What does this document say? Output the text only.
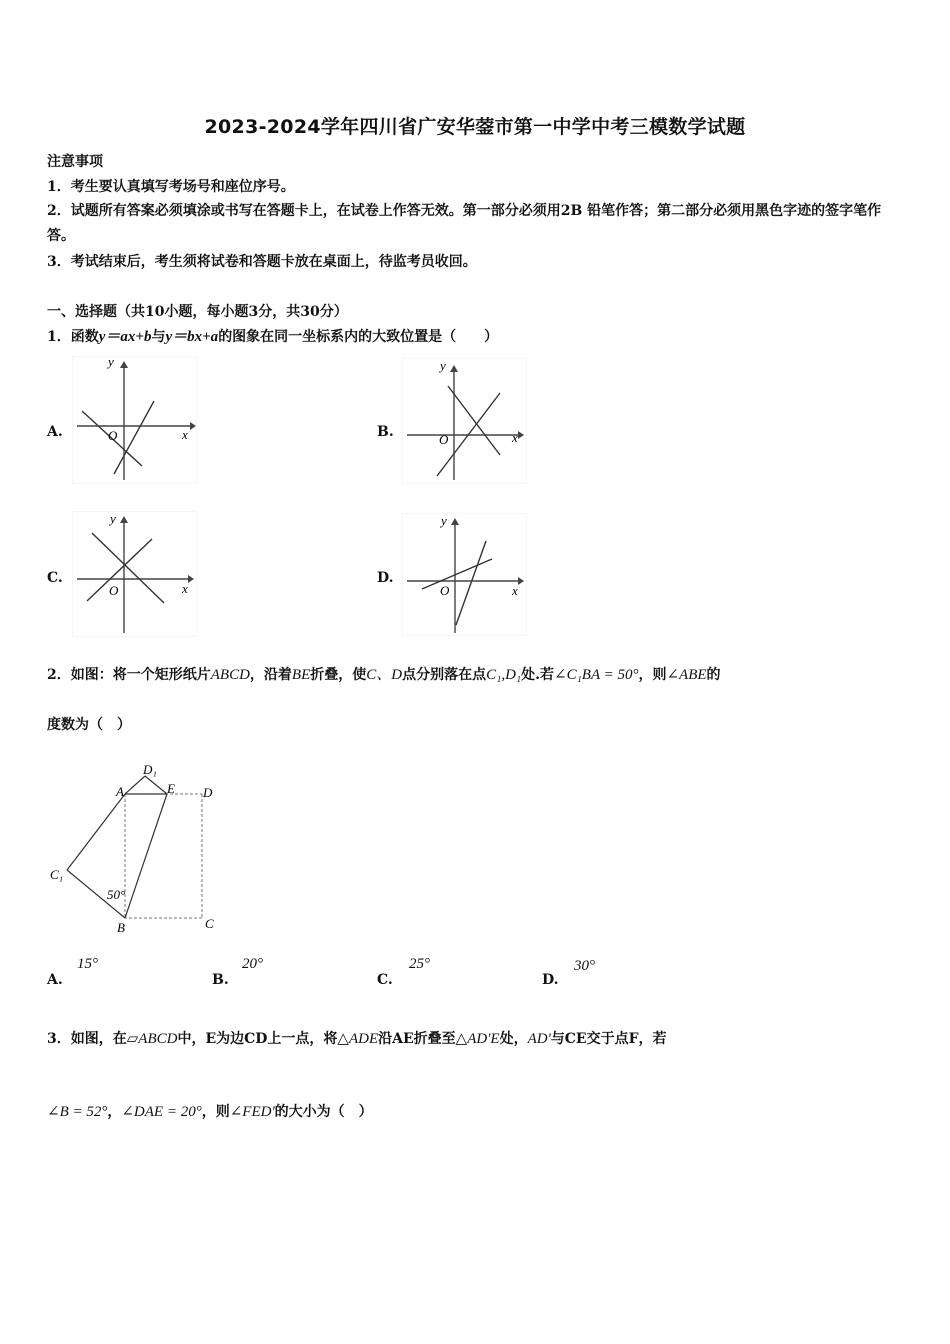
2023-2024学年四川省广安华蓥市第一中学中考三模数学试题
注意事项
1．考生要认真填写考场号和座位序号。
2．试题所有答案必须填涂或书写在答题卡上，在试卷上作答无效。第一部分必须用2B 铅笔作答；第二部分必须用黑色字迹的签字笔作答。
3．考试结束后，考生须将试卷和答题卡放在桌面上，待监考员收回。
一、选择题（共10小题，每小题3分，共30分）
1．函数y＝ax+b与y＝bx+a的图象在同一坐标系内的大致位置是（　　）
A.
y
x
O	B.
y
x
O
C.
y
x
O
D.
y
x
O
2．如图：将一个矩形纸片ABCD，沿着BE折叠，使C、D点分别落在点C₁,D₁处.若∠C₁BA = 50°，则∠ABE的
度数为（　）
A
D₁
E D
C₁
B	C
50°
A.
15°
B.
20°
C.
25°
D.
30°
3．如图，在▱ABCD中，E为边CD上一点，将△ADE沿AE折叠至△AD'E处，AD'与CE交于点F，若
∠B = 52°，∠DAE = 20°，则∠FED'的大小为（　）
